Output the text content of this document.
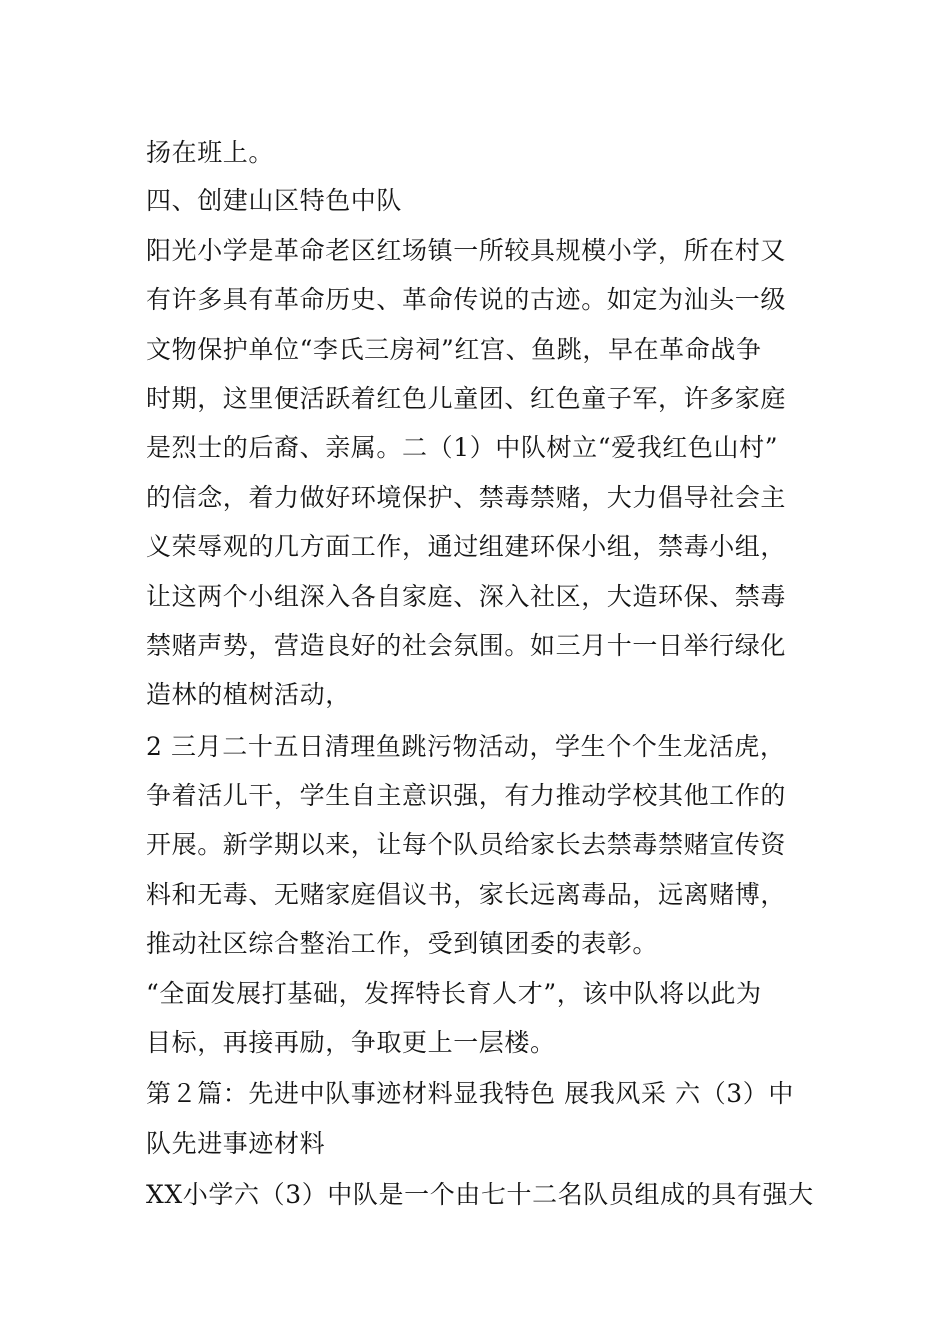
扬在班上。
四、创建山区特色中队
阳光小学是革命老区红场镇一所较具规模小学，所在村又
有许多具有革命历史、革命传说的古迹。如定为汕头一级
文物保护单位“李氏三房祠”红宫、鱼跳，早在革命战争
时期，这里便活跃着红色儿童团、红色童子军，许多家庭
是烈士的后裔、亲属。二（1）中队树立“爱我红色山村”
的信念，着力做好环境保护、禁毒禁赌，大力倡导社会主
义荣辱观的几方面工作，通过组建环保小组，禁毒小组，
让这两个小组深入各自家庭、深入社区，大造环保、禁毒
禁赌声势，营造良好的社会氛围。如三月十一日举行绿化
造林的植树活动，
2 三月二十五日清理鱼跳污物活动，学生个个生龙活虎，
争着活儿干，学生自主意识强，有力推动学校其他工作的
开展。新学期以来，让每个队员给家长去禁毒禁赌宣传资
料和无毒、无赌家庭倡议书，家长远离毒品，远离赌博，
推动社区综合整治工作，受到镇团委的表彰。
“全面发展打基础，发挥特长育人才”，该中队将以此为
目标，再接再励，争取更上一层楼。
第２篇：先进中队事迹材料显我特色 展我风采 六（3）中
队先进事迹材料
XX小学六（3）中队是一个由七十二名队员组成的具有强大
